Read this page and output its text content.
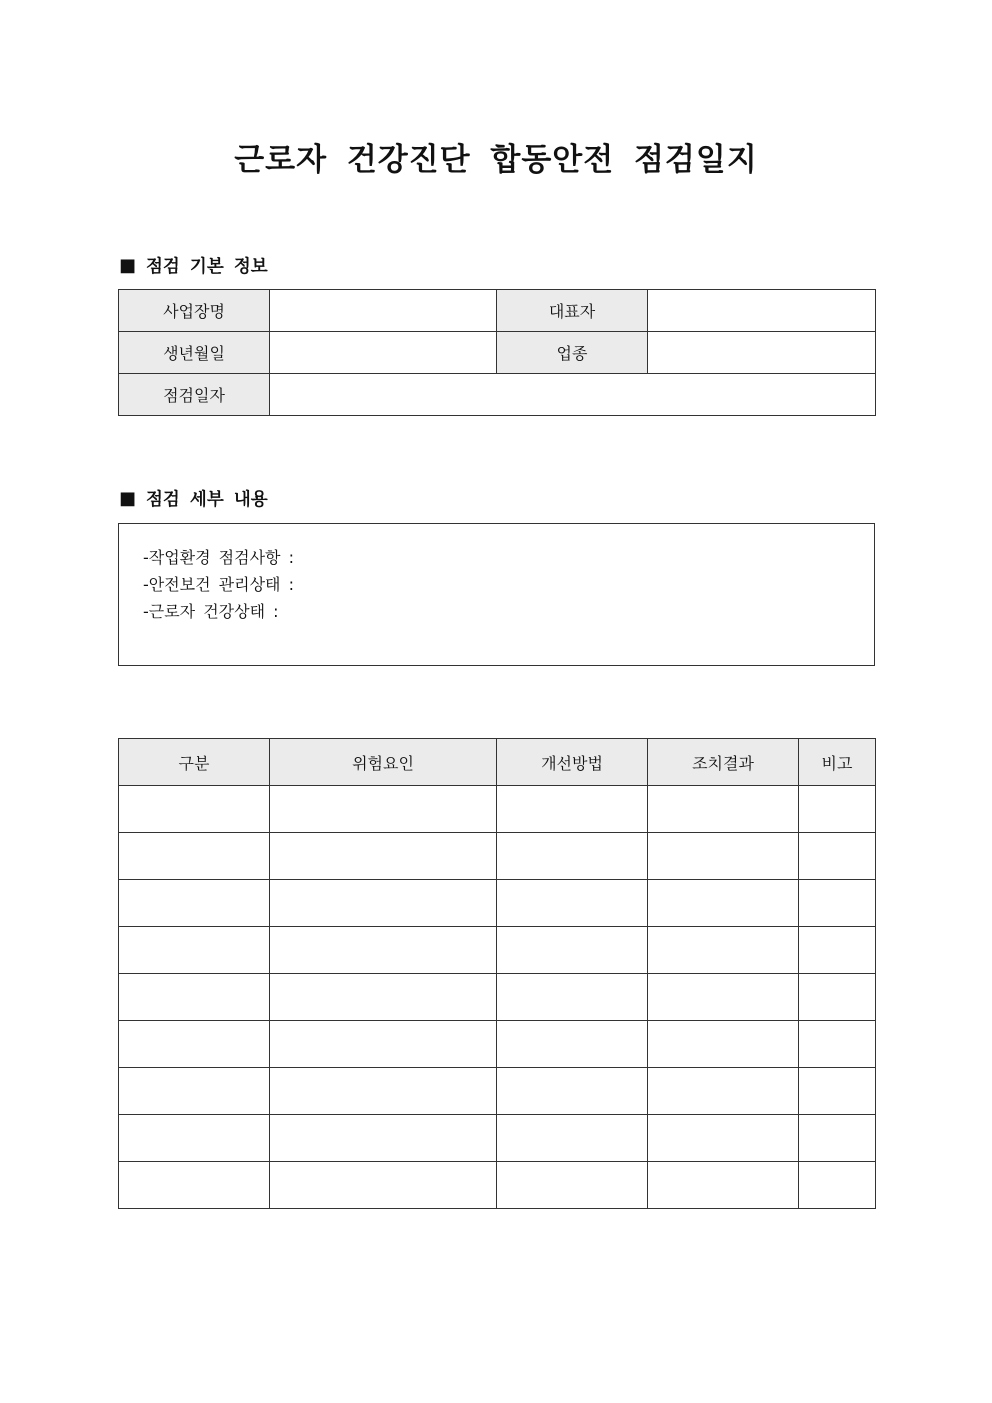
근로자 건강진단 합동안전 점검일지
■ 점검 기본 정보
사업장명		대표자	
생년월일		업종	
점검일자			
■ 점검 세부 내용
-작업환경 점검사항 :
-안전보건 관리상태 :
-근로자 건강상태 :
구분	위험요인	개선방법	조치결과	비고
